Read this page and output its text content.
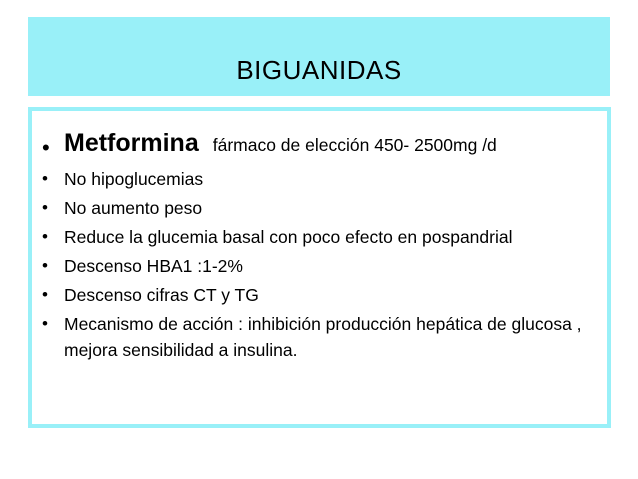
BIGUANIDAS
• Metformina fármaco de elección 450- 2500mg /d
• No hipoglucemias
• No aumento peso
• Reduce la glucemia basal con poco efecto en pospandrial
• Descenso HBA1 :1-2%
• Descenso cifras CT y TG
• Mecanismo de acción : inhibición producción hepática de glucosa , mejora sensibilidad a insulina.
